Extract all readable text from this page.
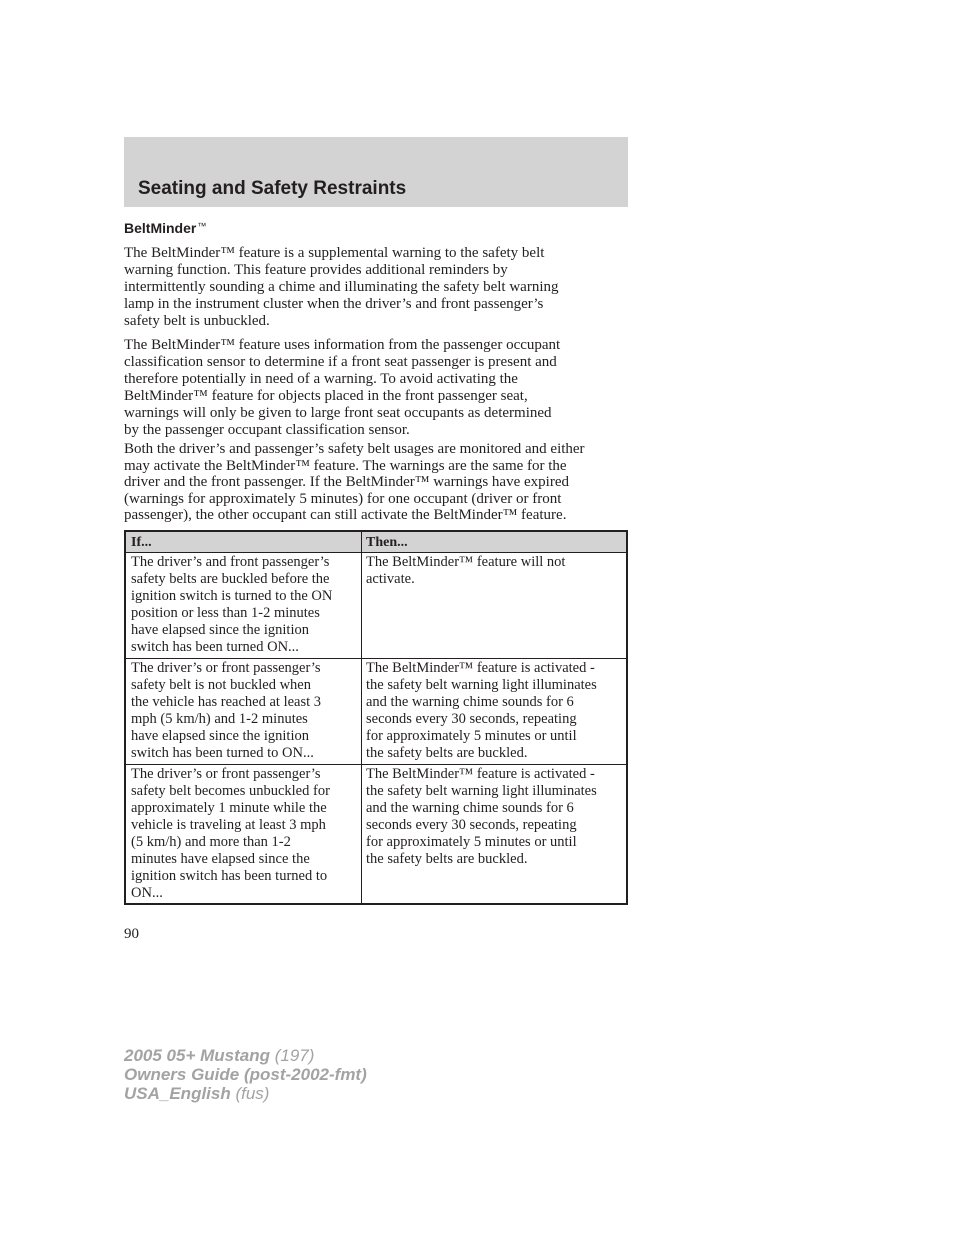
Seating and Safety Restraints
BeltMinder™
The BeltMinder™ feature is a supplemental warning to the safety belt
warning function. This feature provides additional reminders by
intermittently sounding a chime and illuminating the safety belt warning
lamp in the instrument cluster when the driver’s and front passenger’s
safety belt is unbuckled.
The BeltMinder™ feature uses information from the passenger occupant
classification sensor to determine if a front seat passenger is present and
therefore potentially in need of a warning. To avoid activating the
BeltMinder™ feature for objects placed in the front passenger seat,
warnings will only be given to large front seat occupants as determined
by the passenger occupant classification sensor.
Both the driver’s and passenger’s safety belt usages are monitored and either
may activate the BeltMinder™ feature. The warnings are the same for the
driver and the front passenger. If the BeltMinder™ warnings have expired
(warnings for approximately 5 minutes) for one occupant (driver or front
passenger), the other occupant can still activate the BeltMinder™ feature.
If...	Then...
The driver’s and front passenger’s
safety belts are buckled before the
ignition switch is turned to the ON
position or less than 1-2 minutes
have elapsed since the ignition
switch has been turned ON...
The BeltMinder™ feature will not
activate.
The driver’s or front passenger’s
safety belt is not buckled when
the vehicle has reached at least 3
mph (5 km/h) and 1-2 minutes
have elapsed since the ignition
switch has been turned to ON...
The BeltMinder™ feature is activated -
the safety belt warning light illuminates
and the warning chime sounds for 6
seconds every 30 seconds, repeating
for approximately 5 minutes or until
the safety belts are buckled.
The driver’s or front passenger’s
safety belt becomes unbuckled for
approximately 1 minute while the
vehicle is traveling at least 3 mph
(5 km/h) and more than 1-2
minutes have elapsed since the
ignition switch has been turned to
ON...
The BeltMinder™ feature is activated -
the safety belt warning light illuminates
and the warning chime sounds for 6
seconds every 30 seconds, repeating
for approximately 5 minutes or until
the safety belts are buckled.
90
2005 05+ Mustang (197)
Owners Guide (post-2002-fmt)
USA_English (fus)
